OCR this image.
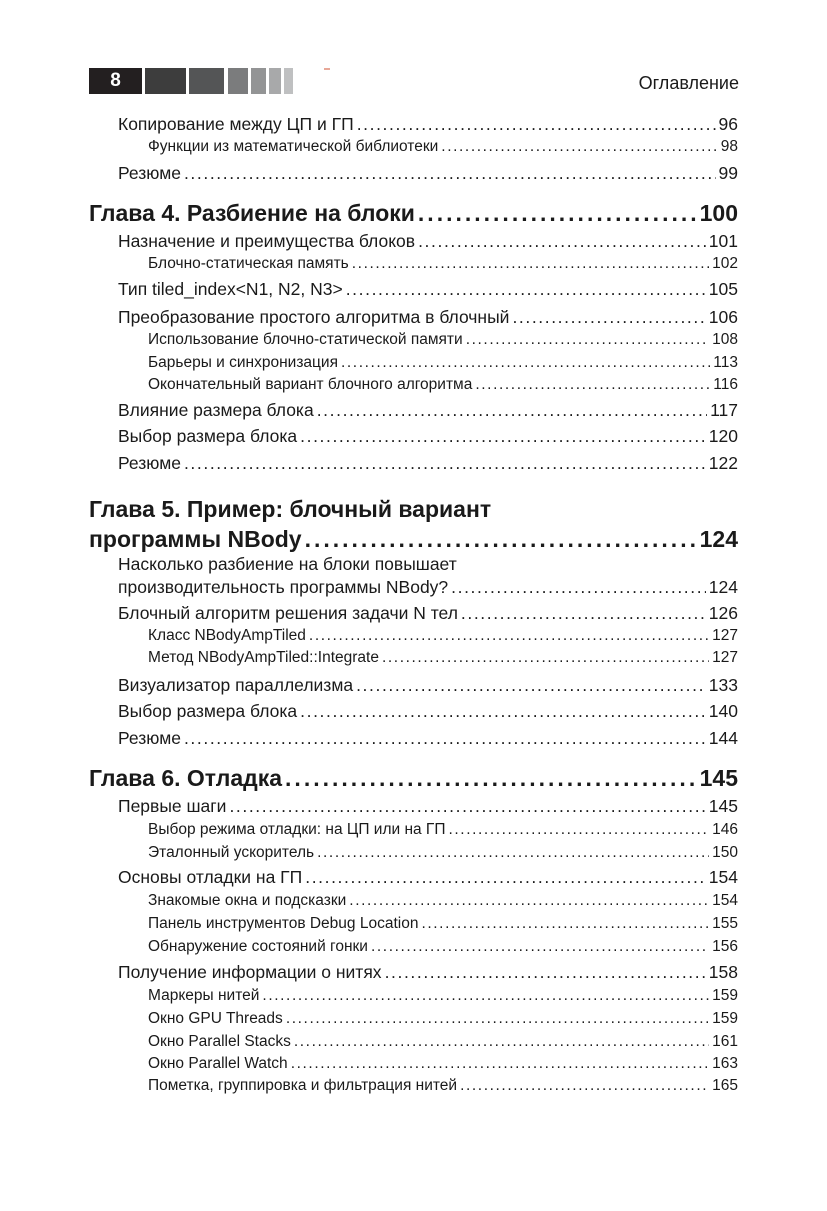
8	Оглавление
Копирование между ЦП и ГП .....	96
Функции из математической библиотеки .....	98
Резюме .....	99
Глава 4. Разбиение на блоки .....	100
Назначение и преимущества блоков .....	101
Блочно-статическая память .....	102
Тип tiled_index<N1, N2, N3> .....	105
Преобразование простого алгоритма в блочный .....	106
Использование блочно-статической памяти .....	108
Барьеры и синхронизация .....	113
Окончательный вариант блочного алгоритма .....	116
Влияние размера блока .....	117
Выбор размера блока .....	120
Резюме .....	122
Глава 5. Пример: блочный вариант
программы NBody .....	124
Насколько разбиение на блоки повышает
производительность программы NBody? .....	124
Блочный алгоритм решения задачи N тел .....	126
Класс NBodyAmpTiled .....	127
Метод NBodyAmpTiled::Integrate .....	127
Визуализатор параллелизма .....	133
Выбор размера блока .....	140
Резюме .....	144
Глава 6. Отладка .....	145
Первые шаги .....	145
Выбор режима отладки: на ЦП или на ГП .....	146
Эталонный ускоритель .....	150
Основы отладки на ГП .....	154
Знакомые окна и подсказки .....	154
Панель инструментов Debug Location .....	155
Обнаружение состояний гонки .....	156
Получение информации о нитях .....	158
Маркеры нитей .....	159
Окно GPU Threads .....	159
Окно Parallel Stacks .....	161
Окно Parallel Watch .....	163
Пометка, группировка и фильтрация нитей .....	165
